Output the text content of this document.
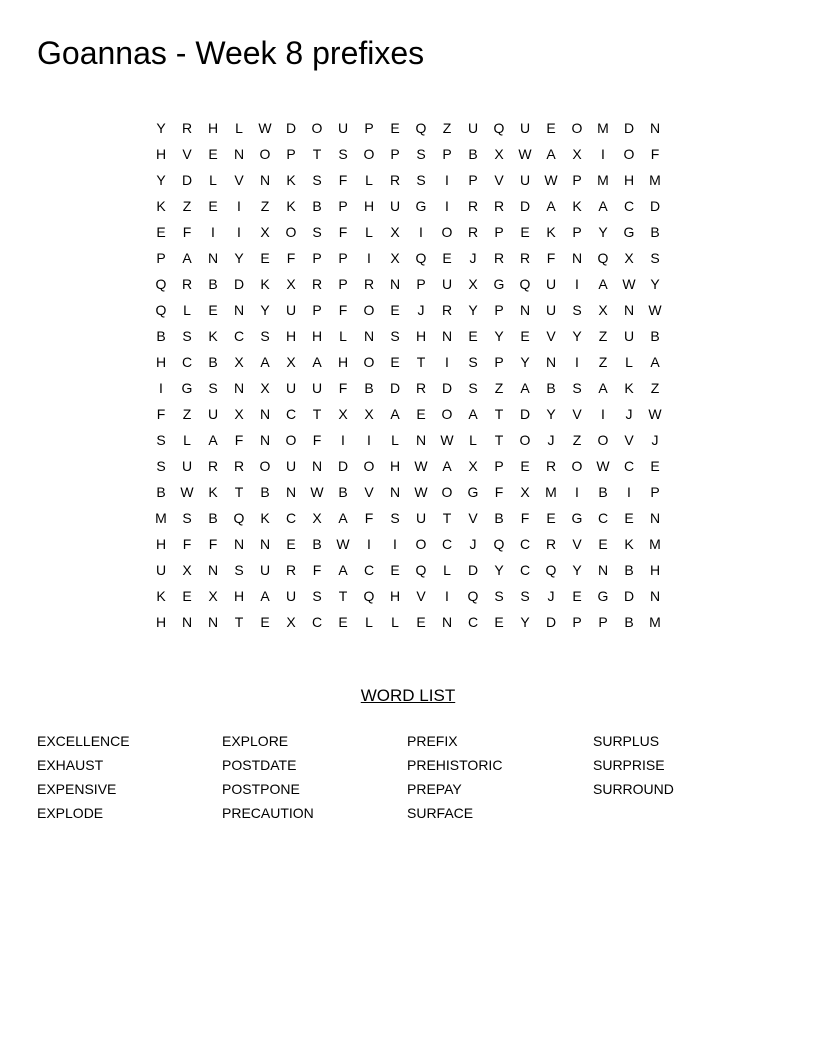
Goannas - Week 8 prefixes
Y	R	H	L	W	D	O	U	P	E	Q	Z	U	Q	U	E	O	M	D	N
H	V	E	N	O	P	T	S	O	P	S	P	B	X	W	A	X	I	O	F
Y	D	L	V	N	K	S	F	L	R	S	I	P	V	U	W	P	M	H	M
K	Z	E	I	Z	K	B	P	H	U	G	I	R	R	D	A	K	A	C	D
E	F	I	I	X	O	S	F	L	X	I	O	R	P	E	K	P	Y	G	B
P	A	N	Y	E	F	P	P	I	X	Q	E	J	R	R	F	N	Q	X	S
Q	R	B	D	K	X	R	P	R	N	P	U	X	G	Q	U	I	A	W	Y
Q	L	E	N	Y	U	P	F	O	E	J	R	Y	P	N	U	S	X	N	W
B	S	K	C	S	H	H	L	N	S	H	N	E	Y	E	V	Y	Z	U	B
H	C	B	X	A	X	A	H	O	E	T	I	S	P	Y	N	I	Z	L	A
I	G	S	N	X	U	U	F	B	D	R	D	S	Z	A	B	S	A	K	Z
F	Z	U	X	N	C	T	X	X	A	E	O	A	T	D	Y	V	I	J	W
S	L	A	F	N	O	F	I	I	L	N	W	L	T	O	J	Z	O	V	J
S	U	R	R	O	U	N	D	O	H	W	A	X	P	E	R	O W	C	E
B	W	K	T	B	N	W	B	V	N	W O	G	F	X	M	I	B	I	P
M	S	B	Q	K	C	X	A	F	S	U	T	V	B	F	E	G	C	E	N
H	F	F	N	N	E	B	W	I	I	O	C	J	Q	C	R	V	E	K	M
U	X	N	S	U	R	F	A	C	E	Q	L	D	Y	C	Q	Y	N	B	H
K	E	X	H	A	U	S	T	Q	H	V	I	Q	S	S	J	E	G	D	N
H	N	N	T	E	X	C	E	L	L	E	N	C	E	Y	D	P	P	B	M
WORD LIST
EXCELLENCE
EXHAUST
EXPENSIVE
EXPLODE
EXPLORE
POSTDATE
POSTPONE
PRECAUTION
PREFIX
PREHISTORIC
PREPAY
SURFACE
SURPLUS
SURPRISE
SURROUND
